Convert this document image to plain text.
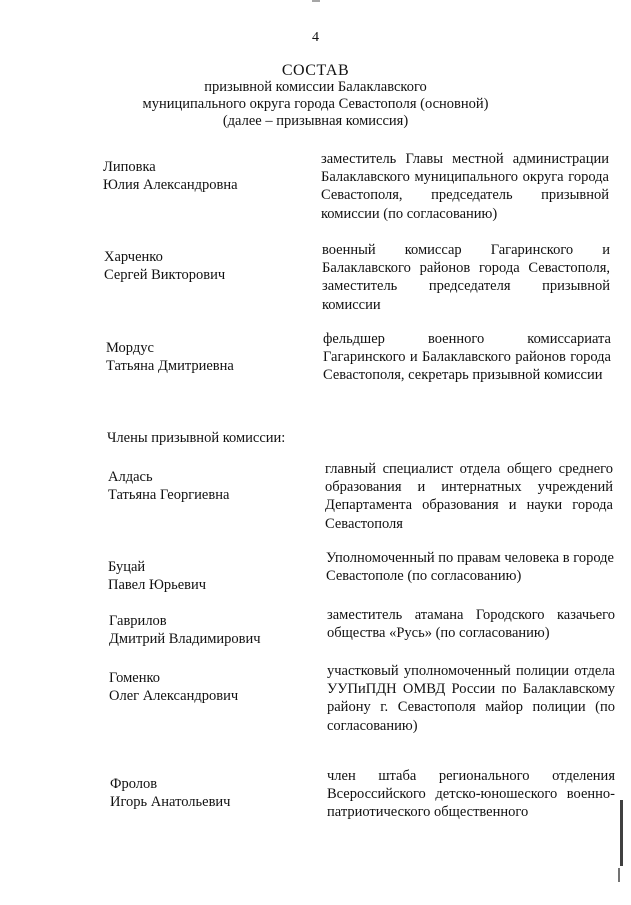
4
СОСТАВ
призывной комиссии Балаклавского
муниципального округа города Севастополя (основной)
(далее – призывная комиссия)
Липовка
Юлия Александровна
заместитель Главы местной администрации Балаклавского муниципального округа города Севастополя, председатель призывной комиссии (по согласованию)
Харченко
Сергей Викторович
военный комиссар Гагаринского и Балаклавского районов города Севастополя, заместитель председателя призывной комиссии
Мордус
Татьяна Дмитриевна
фельдшер военного комиссариата Гагаринского и Балаклавского районов города Севастополя, секретарь призывной комиссии
Члены призывной комиссии:
Алдась
Татьяна Георгиевна
главный специалист отдела общего среднего образования и интернатных учреждений Департамента образования и науки города Севастополя
Буцай
Павел Юрьевич
Уполномоченный по правам человека в городе Севастополе (по согласованию)
Гаврилов
Дмитрий Владимирович
заместитель атамана Городского казачьего общества «Русь» (по согласованию)
Гоменко
Олег Александрович
участковый уполномоченный полиции отдела УУПиПДН ОМВД России по Балаклавскому району г. Севастополя майор полиции (по согласованию)
Фролов
Игорь Анатольевич
член штаба регионального отделения Всероссийского детско-юношеского военно-патриотического общественного
